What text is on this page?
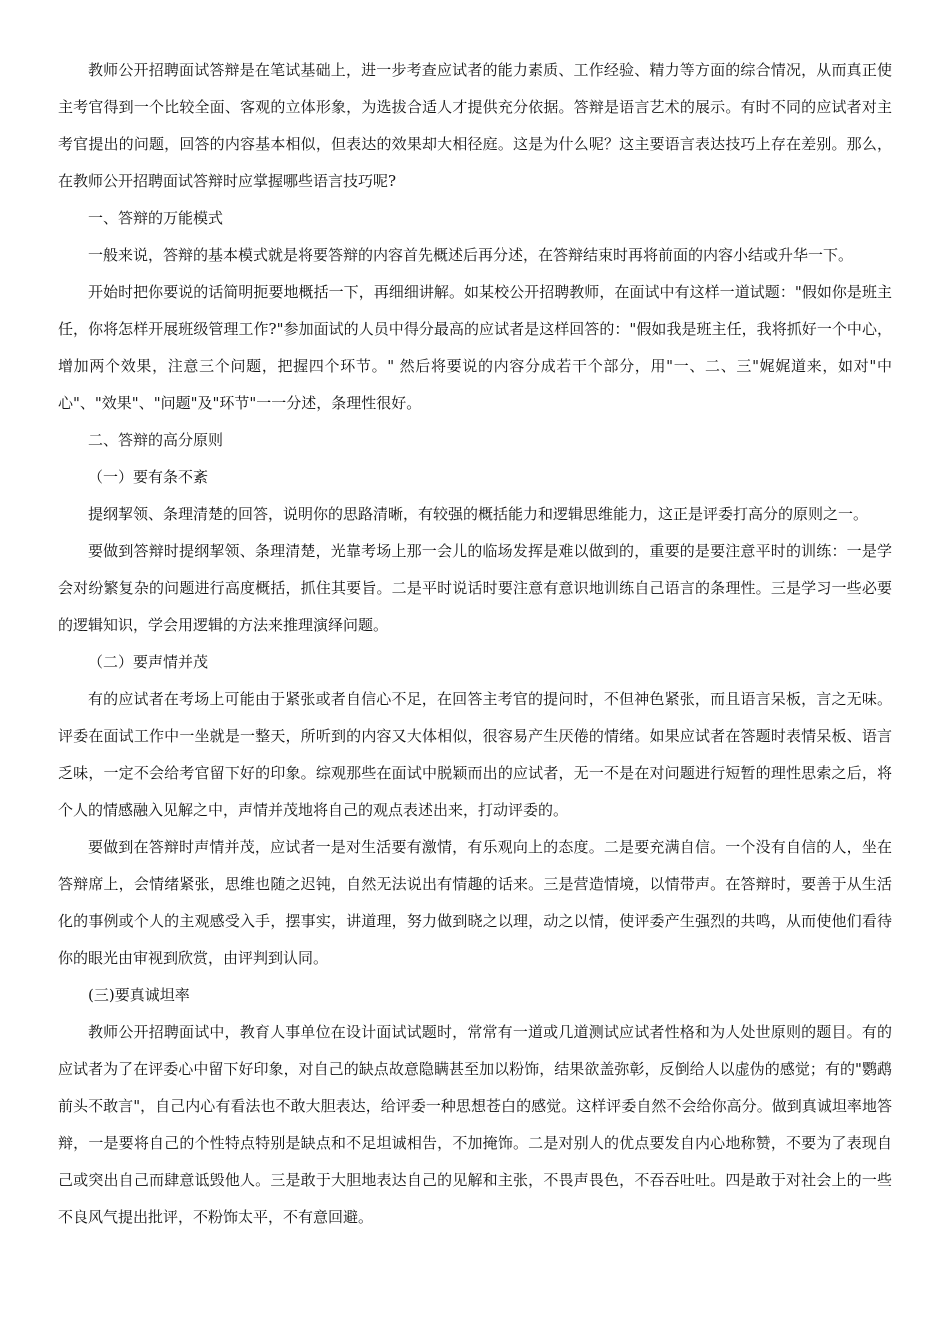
教师公开招聘面试答辩是在笔试基础上，进一步考查应试者的能力素质、工作经验、精力等方面的综合情况，从而真正使主考官得到一个比较全面、客观的立体形象，为选拔合适人才提供充分依据。答辩是语言艺术的展示。有时不同的应试者对主考官提出的问题，回答的内容基本相似，但表达的效果却大相径庭。这是为什么呢？这主要语言表达技巧上存在差别。那么，在教师公开招聘面试答辩时应掌握哪些语言技巧呢?

一、答辩的万能模式

一般来说，答辩的基本模式就是将要答辩的内容首先概述后再分述，在答辩结束时再将前面的内容小结或升华一下。

开始时把你要说的话简明扼要地概括一下，再细细讲解。如某校公开招聘教师，在面试中有这样一道试题："假如你是班主任，你将怎样开展班级管理工作?"参加面试的人员中得分最高的应试者是这样回答的："假如我是班主任，我将抓好一个中心，增加两个效果，注意三个问题，把握四个环节。" 然后将要说的内容分成若干个部分，用"一、二、三"娓娓道来，如对"中心"、"效果"、"问题"及"环节"一一分述，条理性很好。

二、答辩的高分原则

（一）要有条不紊

提纲挈领、条理清楚的回答，说明你的思路清晰，有较强的概括能力和逻辑思维能力，这正是评委打高分的原则之一。

要做到答辩时提纲挈领、条理清楚，光靠考场上那一会儿的临场发挥是难以做到的，重要的是要注意平时的训练：一是学会对纷繁复杂的问题进行高度概括，抓住其要旨。二是平时说话时要注意有意识地训练自己语言的条理性。三是学习一些必要的逻辑知识，学会用逻辑的方法来推理演绎问题。

（二）要声情并茂

有的应试者在考场上可能由于紧张或者自信心不足，在回答主考官的提问时，不但神色紧张，而且语言呆板，言之无味。评委在面试工作中一坐就是一整天，所听到的内容又大体相似，很容易产生厌倦的情绪。如果应试者在答题时表情呆板、语言乏味，一定不会给考官留下好的印象。综观那些在面试中脱颖而出的应试者，无一不是在对问题进行短暂的理性思索之后，将个人的情感融入见解之中，声情并茂地将自己的观点表述出来，打动评委的。

要做到在答辩时声情并茂，应试者一是对生活要有激情，有乐观向上的态度。二是要充满自信。一个没有自信的人，坐在答辩席上，会情绪紧张，思维也随之迟钝，自然无法说出有情趣的话来。三是营造情境，以情带声。在答辩时，要善于从生活化的事例或个人的主观感受入手，摆事实，讲道理，努力做到晓之以理，动之以情，使评委产生强烈的共鸣，从而使他们看待你的眼光由审视到欣赏，由评判到认同。

(三)要真诚坦率

教师公开招聘面试中，教育人事单位在设计面试试题时，常常有一道或几道测试应试者性格和为人处世原则的题目。有的应试者为了在评委心中留下好印象，对自己的缺点故意隐瞒甚至加以粉饰，结果欲盖弥彰，反倒给人以虚伪的感觉；有的"鹦鹉前头不敢言"，自己内心有看法也不敢大胆表达，给评委一种思想苍白的感觉。这样评委自然不会给你高分。做到真诚坦率地答辩，一是要将自己的个性特点特别是缺点和不足坦诚相告，不加掩饰。二是对别人的优点要发自内心地称赞，不要为了表现自己或突出自己而肆意诋毁他人。三是敢于大胆地表达自己的见解和主张，不畏声畏色，不吞吞吐吐。四是敢于对社会上的一些不良风气提出批评，不粉饰太平，不有意回避。
